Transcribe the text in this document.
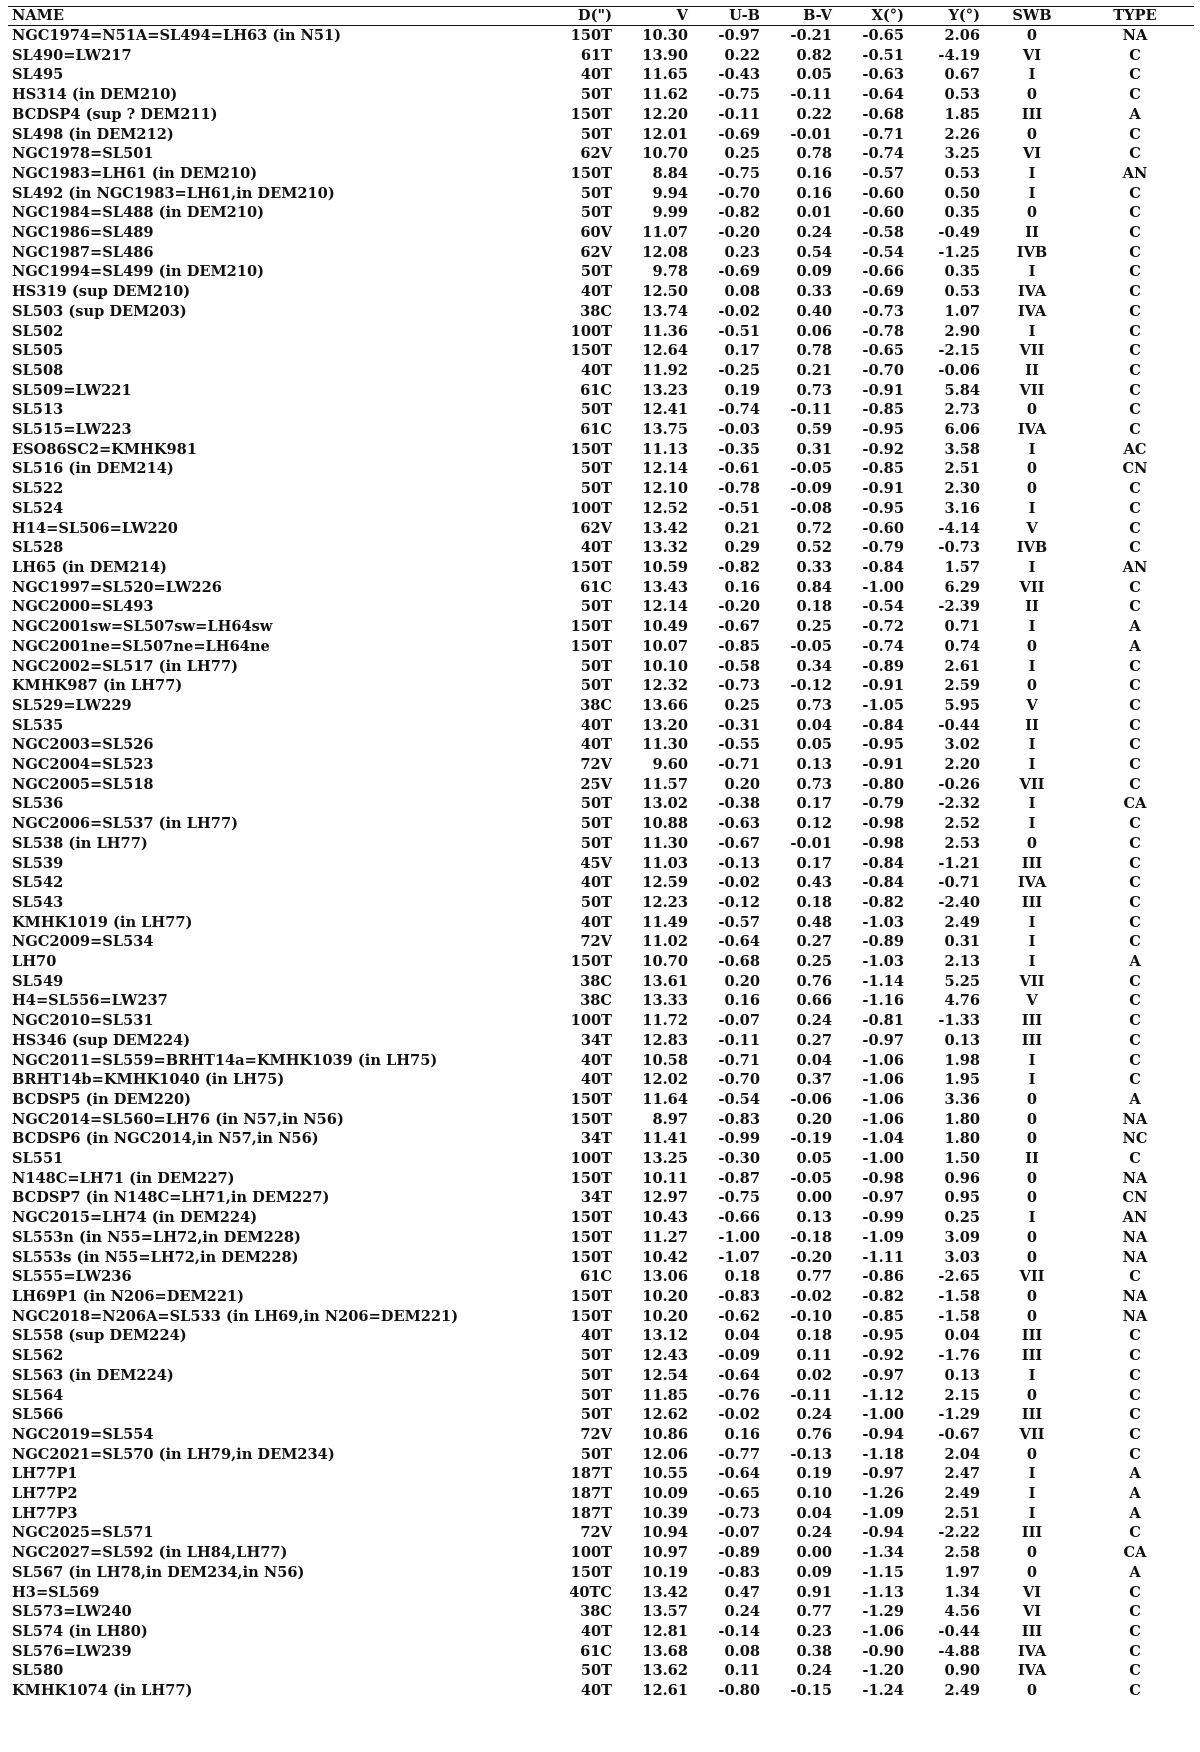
NAME	D(")	V	U-B	B-V	X(°)	Y(°)	SWB	TYPE
NGC1974=N51A=SL494=LH63 (in N51)	150T	10.30	-0.97	-0.21	-0.65	2.06	0	NA
SL490=LW217	61T	13.90	0.22	0.82	-0.51	-4.19	VI	C
SL495	40T	11.65	-0.43	0.05	-0.63	0.67	I	C
HS314 (in DEM210)	50T	11.62	-0.75	-0.11	-0.64	0.53	0	C
BCDSP4 (sup ? DEM211)	150T	12.20	-0.11	0.22	-0.68	1.85	III	A
SL498 (in DEM212)	50T	12.01	-0.69	-0.01	-0.71	2.26	0	C
NGC1978=SL501	62V	10.70	0.25	0.78	-0.74	3.25	VI	C
NGC1983=LH61 (in DEM210)	150T	8.84	-0.75	0.16	-0.57	0.53	I	AN
SL492 (in NGC1983=LH61,in DEM210)	50T	9.94	-0.70	0.16	-0.60	0.50	I	C
NGC1984=SL488 (in DEM210)	50T	9.99	-0.82	0.01	-0.60	0.35	0	C
NGC1986=SL489	60V	11.07	-0.20	0.24	-0.58	-0.49	II	C
NGC1987=SL486	62V	12.08	0.23	0.54	-0.54	-1.25	IVB	C
NGC1994=SL499 (in DEM210)	50T	9.78	-0.69	0.09	-0.66	0.35	I	C
HS319 (sup DEM210)	40T	12.50	0.08	0.33	-0.69	0.53	IVA	C
SL503 (sup DEM203)	38C	13.74	-0.02	0.40	-0.73	1.07	IVA	C
SL502	100T	11.36	-0.51	0.06	-0.78	2.90	I	C
SL505	150T	12.64	0.17	0.78	-0.65	-2.15	VII	C
SL508	40T	11.92	-0.25	0.21	-0.70	-0.06	II	C
SL509=LW221	61C	13.23	0.19	0.73	-0.91	5.84	VII	C
SL513	50T	12.41	-0.74	-0.11	-0.85	2.73	0	C
SL515=LW223	61C	13.75	-0.03	0.59	-0.95	6.06	IVA	C
ESO86SC2=KMHK981	150T	11.13	-0.35	0.31	-0.92	3.58	I	AC
SL516 (in DEM214)	50T	12.14	-0.61	-0.05	-0.85	2.51	0	CN
SL522	50T	12.10	-0.78	-0.09	-0.91	2.30	0	C
SL524	100T	12.52	-0.51	-0.08	-0.95	3.16	I	C
H14=SL506=LW220	62V	13.42	0.21	0.72	-0.60	-4.14	V	C
SL528	40T	13.32	0.29	0.52	-0.79	-0.73	IVB	C
LH65 (in DEM214)	150T	10.59	-0.82	0.33	-0.84	1.57	I	AN
NGC1997=SL520=LW226	61C	13.43	0.16	0.84	-1.00	6.29	VII	C
NGC2000=SL493	50T	12.14	-0.20	0.18	-0.54	-2.39	II	C
NGC2001sw=SL507sw=LH64sw	150T	10.49	-0.67	0.25	-0.72	0.71	I	A
NGC2001ne=SL507ne=LH64ne	150T	10.07	-0.85	-0.05	-0.74	0.74	0	A
NGC2002=SL517 (in LH77)	50T	10.10	-0.58	0.34	-0.89	2.61	I	C
KMHK987 (in LH77)	50T	12.32	-0.73	-0.12	-0.91	2.59	0	C
SL529=LW229	38C	13.66	0.25	0.73	-1.05	5.95	V	C
SL535	40T	13.20	-0.31	0.04	-0.84	-0.44	II	C
NGC2003=SL526	40T	11.30	-0.55	0.05	-0.95	3.02	I	C
NGC2004=SL523	72V	9.60	-0.71	0.13	-0.91	2.20	I	C
NGC2005=SL518	25V	11.57	0.20	0.73	-0.80	-0.26	VII	C
SL536	50T	13.02	-0.38	0.17	-0.79	-2.32	I	CA
NGC2006=SL537 (in LH77)	50T	10.88	-0.63	0.12	-0.98	2.52	I	C
SL538 (in LH77)	50T	11.30	-0.67	-0.01	-0.98	2.53	0	C
SL539	45V	11.03	-0.13	0.17	-0.84	-1.21	III	C
SL542	40T	12.59	-0.02	0.43	-0.84	-0.71	IVA	C
SL543	50T	12.23	-0.12	0.18	-0.82	-2.40	III	C
KMHK1019 (in LH77)	40T	11.49	-0.57	0.48	-1.03	2.49	I	C
NGC2009=SL534	72V	11.02	-0.64	0.27	-0.89	0.31	I	C
LH70	150T	10.70	-0.68	0.25	-1.03	2.13	I	A
SL549	38C	13.61	0.20	0.76	-1.14	5.25	VII	C
H4=SL556=LW237	38C	13.33	0.16	0.66	-1.16	4.76	V	C
NGC2010=SL531	100T	11.72	-0.07	0.24	-0.81	-1.33	III	C
HS346 (sup DEM224)	34T	12.83	-0.11	0.27	-0.97	0.13	III	C
NGC2011=SL559=BRHT14a=KMHK1039 (in LH75)	40T	10.58	-0.71	0.04	-1.06	1.98	I	C
BRHT14b=KMHK1040 (in LH75)	40T	12.02	-0.70	0.37	-1.06	1.95	I	C
BCDSP5 (in DEM220)	150T	11.64	-0.54	-0.06	-1.06	3.36	0	A
NGC2014=SL560=LH76 (in N57,in N56)	150T	8.97	-0.83	0.20	-1.06	1.80	0	NA
BCDSP6 (in NGC2014,in N57,in N56)	34T	11.41	-0.99	-0.19	-1.04	1.80	0	NC
SL551	100T	13.25	-0.30	0.05	-1.00	1.50	II	C
N148C=LH71 (in DEM227)	150T	10.11	-0.87	-0.05	-0.98	0.96	0	NA
BCDSP7 (in N148C=LH71,in DEM227)	34T	12.97	-0.75	0.00	-0.97	0.95	0	CN
NGC2015=LH74 (in DEM224)	150T	10.43	-0.66	0.13	-0.99	0.25	I	AN
SL553n (in N55=LH72,in DEM228)	150T	11.27	-1.00	-0.18	-1.09	3.09	0	NA
SL553s (in N55=LH72,in DEM228)	150T	10.42	-1.07	-0.20	-1.11	3.03	0	NA
SL555=LW236	61C	13.06	0.18	0.77	-0.86	-2.65	VII	C
LH69P1 (in N206=DEM221)	150T	10.20	-0.83	-0.02	-0.82	-1.58	0	NA
NGC2018=N206A=SL533 (in LH69,in N206=DEM221)	150T	10.20	-0.62	-0.10	-0.85	-1.58	0	NA
SL558 (sup DEM224)	40T	13.12	0.04	0.18	-0.95	0.04	III	C
SL562	50T	12.43	-0.09	0.11	-0.92	-1.76	III	C
SL563 (in DEM224)	50T	12.54	-0.64	0.02	-0.97	0.13	I	C
SL564	50T	11.85	-0.76	-0.11	-1.12	2.15	0	C
SL566	50T	12.62	-0.02	0.24	-1.00	-1.29	III	C
NGC2019=SL554	72V	10.86	0.16	0.76	-0.94	-0.67	VII	C
NGC2021=SL570 (in LH79,in DEM234)	50T	12.06	-0.77	-0.13	-1.18	2.04	0	C
LH77P1	187T	10.55	-0.64	0.19	-0.97	2.47	I	A
LH77P2	187T	10.09	-0.65	0.10	-1.26	2.49	I	A
LH77P3	187T	10.39	-0.73	0.04	-1.09	2.51	I	A
NGC2025=SL571	72V	10.94	-0.07	0.24	-0.94	-2.22	III	C
NGC2027=SL592 (in LH84,LH77)	100T	10.97	-0.89	0.00	-1.34	2.58	0	CA
SL567 (in LH78,in DEM234,in N56)	150T	10.19	-0.83	0.09	-1.15	1.97	0	A
H3=SL569	40TC	13.42	0.47	0.91	-1.13	1.34	VI	C
SL573=LW240	38C	13.57	0.24	0.77	-1.29	4.56	VI	C
SL574 (in LH80)	40T	12.81	-0.14	0.23	-1.06	-0.44	III	C
SL576=LW239	61C	13.68	0.08	0.38	-0.90	-4.88	IVA	C
SL580	50T	13.62	0.11	0.24	-1.20	0.90	IVA	C
KMHK1074 (in LH77)	40T	12.61	-0.80	-0.15	-1.24	2.49	0	C
